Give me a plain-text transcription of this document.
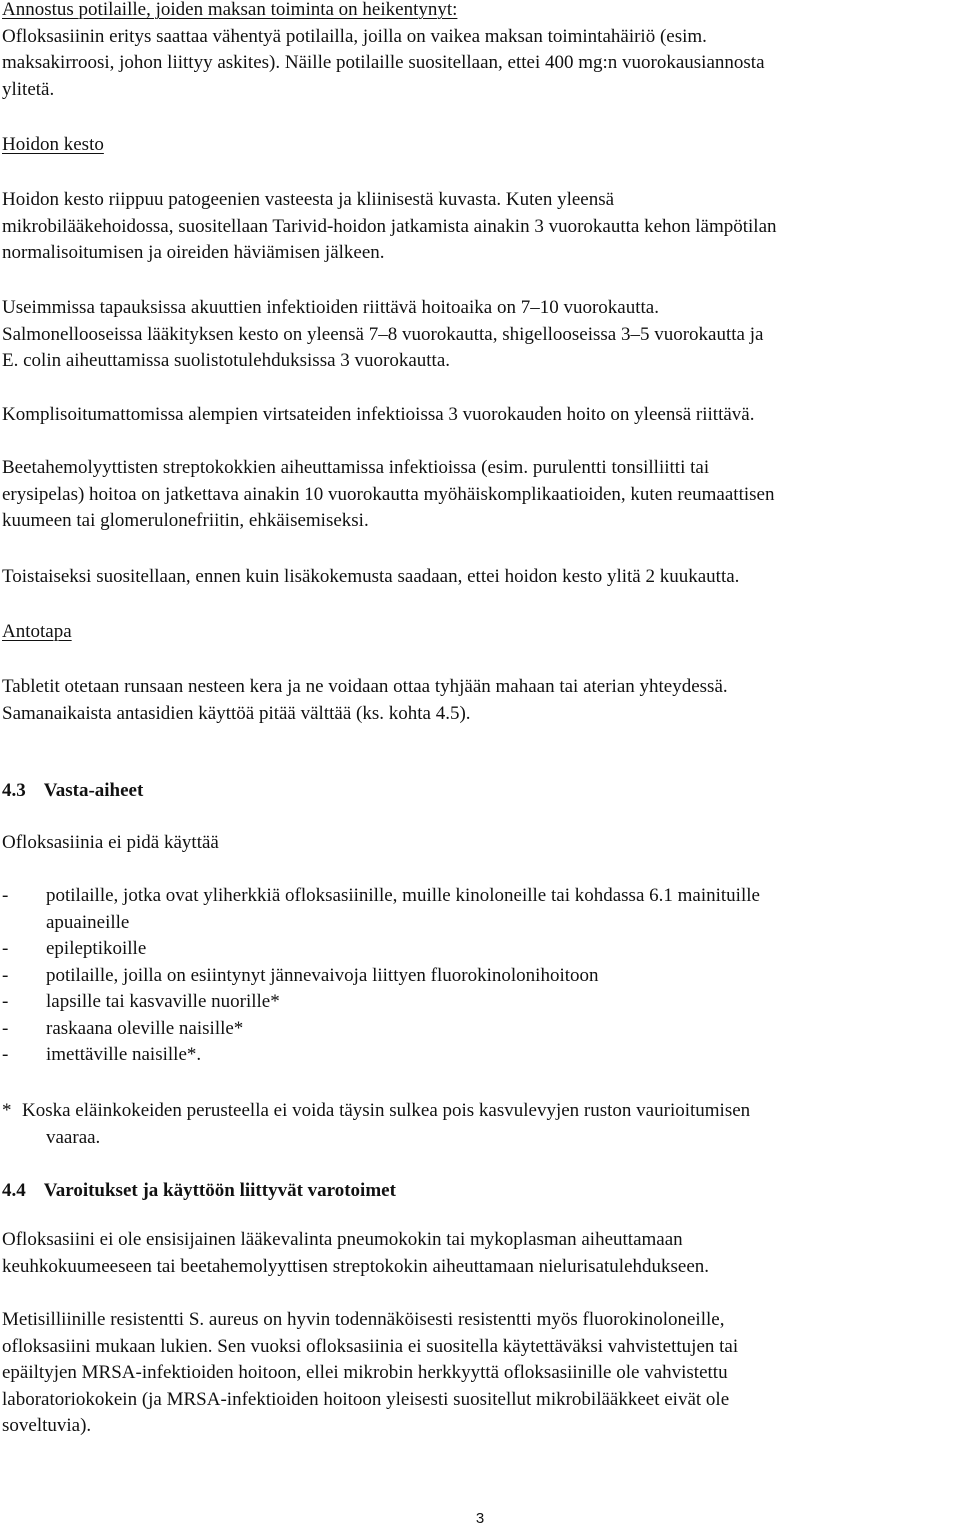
Annostus potilaille, joiden maksan toiminta on heikentynyt:
Ofloksasiinin eritys saattaa vähentyä potilailla, joilla on vaikea maksan toimintahäiriö (esim.
maksakirroosi, johon liittyy askites). Näille potilaille suositellaan, ettei 400 mg:n vuorokausiannosta
ylitetä.
Hoidon kesto
Hoidon kesto riippuu patogeenien vasteesta ja kliinisestä kuvasta. Kuten yleensä
mikrobilääkehoidossa, suositellaan Tarivid-hoidon jatkamista ainakin 3 vuorokautta kehon lämpötilan
normalisoitumisen ja oireiden häviämisen jälkeen.
Useimmissa tapauksissa akuuttien infektioiden riittävä hoitoaika on 7–10 vuorokautta.
Salmonellooseissa lääkityksen kesto on yleensä 7–8 vuorokautta, shigellooseissa 3–5 vuorokautta ja
E. colin aiheuttamissa suolistotulehduksissa 3 vuorokautta.
Komplisoitumattomissa alempien virtsateiden infektioissa 3 vuorokauden hoito on yleensä riittävä.
Beetahemolyyttisten streptokokkien aiheuttamissa infektioissa (esim. purulentti tonsilliitti tai
erysipelas) hoitoa on jatkettava ainakin 10 vuorokautta myöhäiskomplikaatioiden, kuten reumaattisen
kuumeen tai glomerulonefriitin, ehkäisemiseksi.
Toistaiseksi suositellaan, ennen kuin lisäkokemusta saadaan, ettei hoidon kesto ylitä 2 kuukautta.
Antotapa
Tabletit otetaan runsaan nesteen kera ja ne voidaan ottaa tyhjään mahaan tai aterian yhteydessä.
Samanaikaista antasidien käyttöä pitää välttää (ks. kohta 4.5).
4.3 Vasta-aiheet
Ofloksasiinia ei pidä käyttää
- potilaille, jotka ovat yliherkkiä ofloksasiinille, muille kinoloneille tai kohdassa 6.1 mainituille
apuaineille
- epileptikoille
- potilaille, joilla on esiintynyt jännevaivoja liittyen fluorokinolonihoitoon
- lapsille tai kasvaville nuorille*
- raskaana oleville naisille*
- imettäville naisille*.
* Koska eläinkokeiden perusteella ei voida täysin sulkea pois kasvulevyjen ruston vaurioitumisen

vaaraa.
4.4 Varoitukset ja käyttöön liittyvät varotoimet
Ofloksasiini ei ole ensisijainen lääkevalinta pneumokokin tai mykoplasman aiheuttamaan
keuhkokuumeeseen tai beetahemolyyttisen streptokokin aiheuttamaan nielurisatulehdukseen.
Metisilliinille resistentti S. aureus on hyvin todennäköisesti resistentti myös fluorokinoloneille,
ofloksasiini mukaan lukien. Sen vuoksi ofloksasiinia ei suositella käytettäväksi vahvistettujen tai
epäiltyjen MRSA-infektioiden hoitoon, ellei mikrobin herkkyyttä ofloksasiinille ole vahvistettu
laboratoriokokein (ja MRSA-infektioiden hoitoon yleisesti suositellut mikrobilääkkeet eivät ole
soveltuvia).
3
